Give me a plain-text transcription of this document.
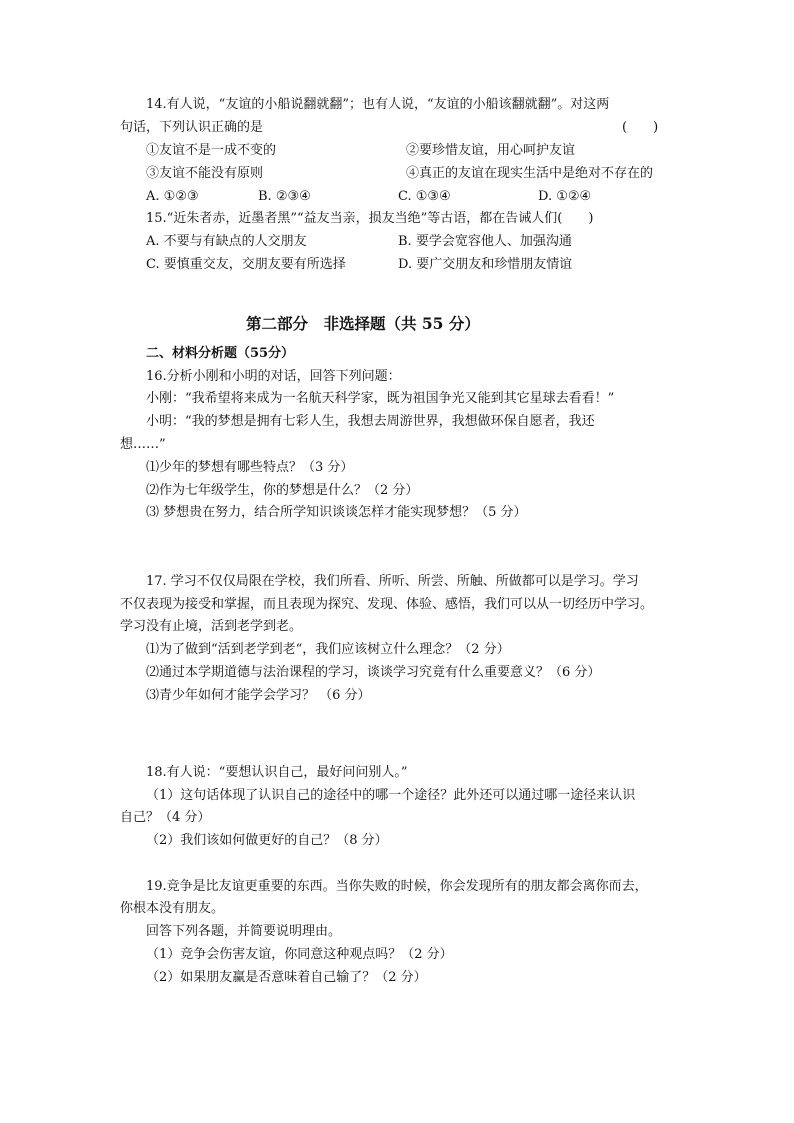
14.有人说，“友谊的小船说翻就翻”；也有人说，“友谊的小船该翻就翻”。对这两
句话，下列认识正确的是	(　　)
①友谊不是一成不变的	②要珍惜友谊，用心呵护友谊
③友谊不能没有原则	④真正的友谊在现实生活中是绝对不存在的
A. ①②③	B. ②③④	C. ①③④	D. ①②④
15.“近朱者赤，近墨者黑”“益友当亲，损友当绝”等古语，都在告诫人们(　　)
A. 不要与有缺点的人交朋友	B. 要学会宽容他人、加强沟通
C. 要慎重交友，交朋友要有所选择	D. 要广交朋友和珍惜朋友情谊
第二部分　非选择题（共 55 分）
二、材料分析题（55分）
16.分析小刚和小明的对话，回答下列问题：
小刚：“我希望将来成为一名航天科学家，既为祖国争光又能到其它星球去看看！”
小明：“我的梦想是拥有七彩人生，我想去周游世界，我想做环保自愿者，我还
想……”
⑴少年的梦想有哪些特点？（3 分）
⑵作为七年级学生，你的梦想是什么？（2 分）
⑶ 梦想贵在努力，结合所学知识谈谈怎样才能实现梦想？（5 分）
17. 学习不仅仅局限在学校，我们所看、所听、所尝、所触、所做都可以是学习。学习
不仅表现为接受和掌握，而且表现为探究、发现、体验、感悟，我们可以从一切经历中学习。
学习没有止境，活到老学到老。
⑴为了做到“活到老学到老“，我们应该树立什么理念？（2 分）
⑵通过本学期道德与法治课程的学习，谈谈学习究竟有什么重要意义？（6 分）
⑶青少年如何才能学会学习？ （6 分）
18.有人说：“要想认识自己，最好问问别人。”
（1）这句话体现了认识自己的途径中的哪一个途径？此外还可以通过哪一途径来认识
自己？（4 分）
（2）我们该如何做更好的自己？（8 分）
19.竞争是比友谊更重要的东西。当你失败的时候，你会发现所有的朋友都会离你而去，
你根本没有朋友。
回答下列各题，并简要说明理由。
（1）竞争会伤害友谊，你同意这种观点吗？（2 分）
（2）如果朋友赢是否意味着自己输了？（2 分）
